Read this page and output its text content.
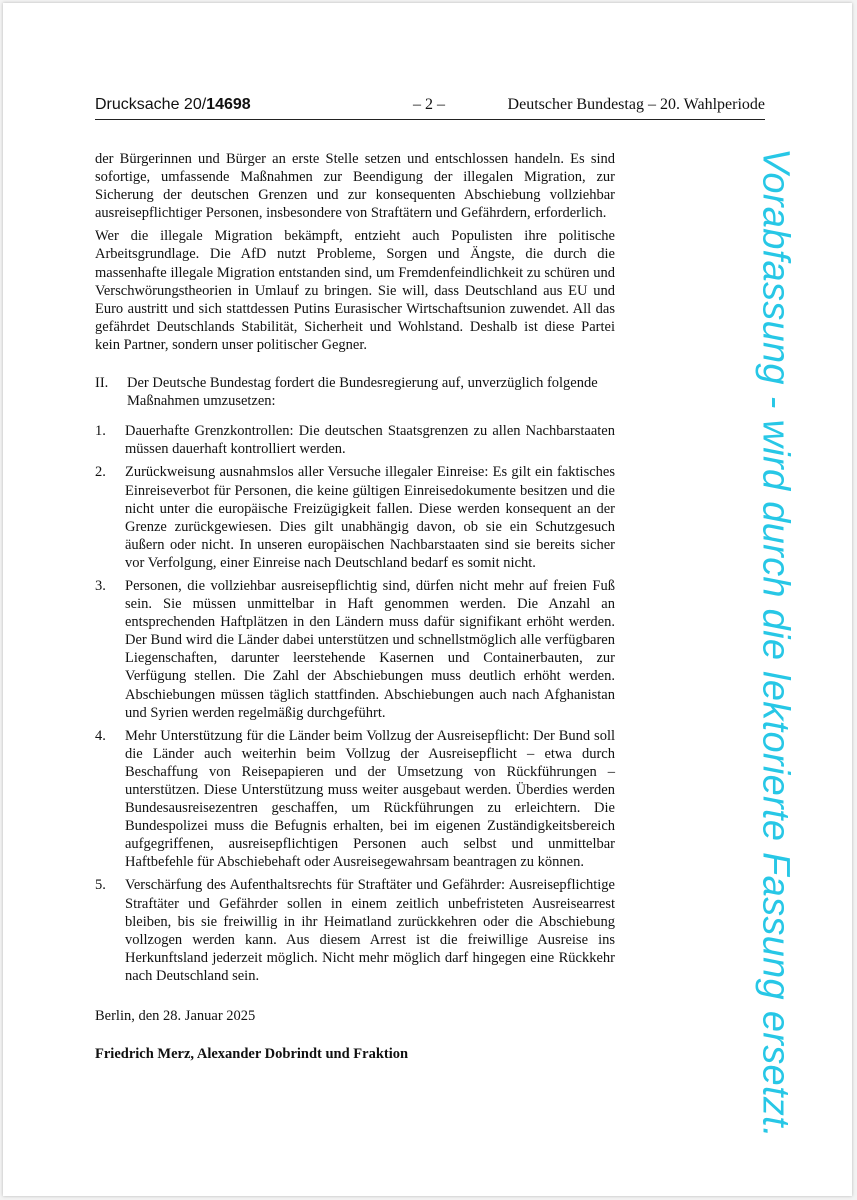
Drucksache 20/14698	– 2 –	Deutscher Bundestag – 20. Wahlperiode

der Bürgerinnen und Bürger an erste Stelle setzen und entschlossen handeln. Es sind sofortige, umfassende Maßnahmen zur Beendigung der illegalen Migration, zur Sicherung der deutschen Grenzen und zur konsequenten Abschiebung vollziehbar ausreisepflichtiger Personen, insbesondere von Straftätern und Gefährdern, erforderlich.

Wer die illegale Migration bekämpft, entzieht auch Populisten ihre politische Arbeitsgrundlage. Die AfD nutzt Probleme, Sorgen und Ängste, die durch die massenhafte illegale Migration entstanden sind, um Fremdenfeindlichkeit zu schüren und Verschwörungstheorien in Umlauf zu bringen. Sie will, dass Deutschland aus EU und Euro austritt und sich stattdessen Putins Eurasischer Wirtschaftsunion zuwendet. All das gefährdet Deutschlands Stabilität, Sicherheit und Wohlstand. Deshalb ist diese Partei kein Partner, sondern unser politischer Gegner.

II.	Der Deutsche Bundestag fordert die Bundesregierung auf, unverzüglich folgende Maßnahmen umzusetzen:
1.	Dauerhafte Grenzkontrollen: Die deutschen Staatsgrenzen zu allen Nachbarstaaten müssen dauerhaft kontrolliert werden.
2.	Zurückweisung ausnahmslos aller Versuche illegaler Einreise: Es gilt ein faktisches Einreiseverbot für Personen, die keine gültigen Einreisedokumente besitzen und die nicht unter die europäische Freizügigkeit fallen. Diese werden konsequent an der Grenze zurückgewiesen. Dies gilt unabhängig davon, ob sie ein Schutzgesuch äußern oder nicht. In unseren europäischen Nachbarstaaten sind sie bereits sicher vor Verfolgung, einer Einreise nach Deutschland bedarf es somit nicht.
3.	Personen, die vollziehbar ausreisepflichtig sind, dürfen nicht mehr auf freien Fuß sein. Sie müssen unmittelbar in Haft genommen werden. Die Anzahl an entsprechenden Haftplätzen in den Ländern muss dafür signifikant erhöht werden. Der Bund wird die Länder dabei unterstützen und schnellstmöglich alle verfügbaren Liegenschaften, darunter leerstehende Kasernen und Containerbauten, zur Verfügung stellen. Die Zahl der Abschiebungen muss deutlich erhöht werden. Abschiebungen müssen täglich stattfinden. Abschiebungen auch nach Afghanistan und Syrien werden regelmäßig durchgeführt.
4.	Mehr Unterstützung für die Länder beim Vollzug der Ausreisepflicht: Der Bund soll die Länder auch weiterhin beim Vollzug der Ausreisepflicht – etwa durch Beschaffung von Reisepapieren und der Umsetzung von Rückführungen – unterstützen. Diese Unterstützung muss weiter ausgebaut werden. Überdies werden Bundesausreisezentren geschaffen, um Rückführungen zu erleichtern. Die Bundespolizei muss die Befugnis erhalten, bei im eigenen Zuständigkeitsbereich aufgegriffenen, ausreisepflichtigen Personen auch selbst und unmittelbar Haftbefehle für Abschiebehaft oder Ausreisegewahrsam beantragen zu können.
5.	Verschärfung des Aufenthaltsrechts für Straftäter und Gefährder: Ausreisepflichtige Straftäter und Gefährder sollen in einem zeitlich unbefristeten Ausreisearrest bleiben, bis sie freiwillig in ihr Heimatland zurückkehren oder die Abschiebung vollzogen werden kann. Aus diesem Arrest ist die freiwillige Ausreise ins Herkunftsland jederzeit möglich. Nicht mehr möglich darf hingegen eine Rückkehr nach Deutschland sein.
Berlin, den 28. Januar 2025
Friedrich Merz, Alexander Dobrindt und Fraktion	Vorabfassung - wird durch die lektorierte Fassung ersetzt.
